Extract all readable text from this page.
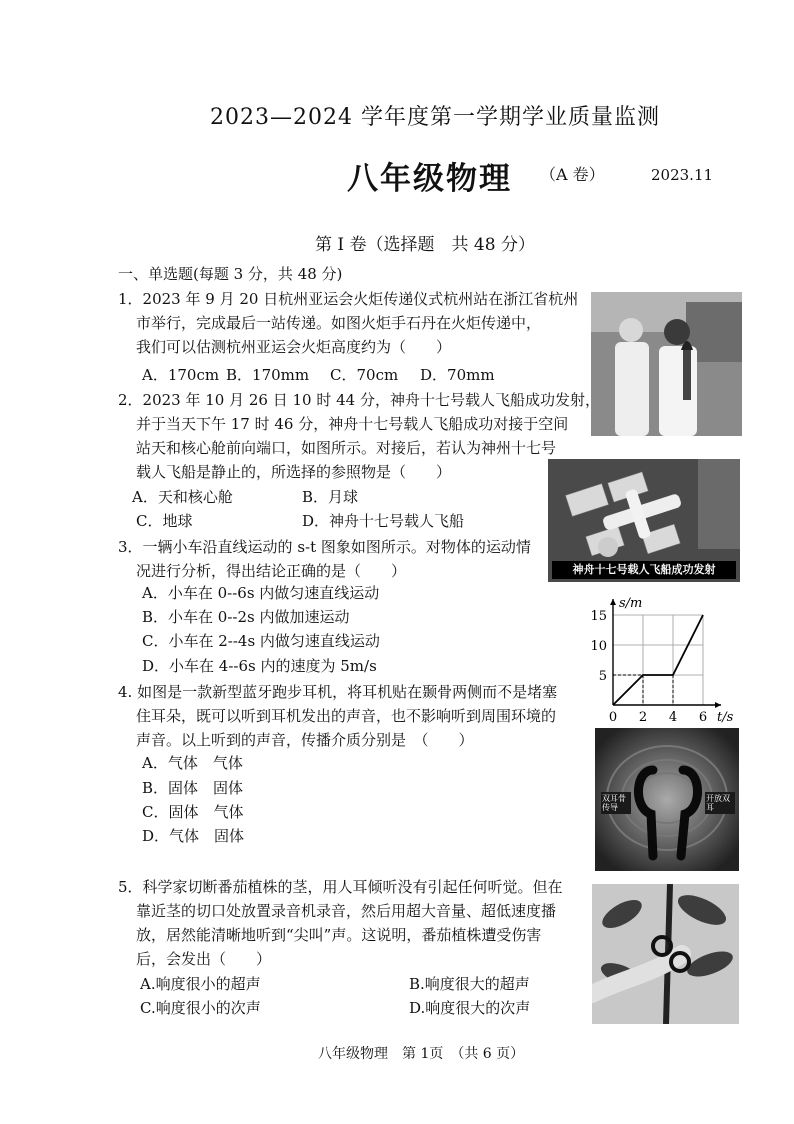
2023—2024 学年度第一学期学业质量监测
八年级物理 （A 卷）	2023.11
第 I 卷（选择题　共 48 分）
一、单选题(每题 3 分，共 48 分)
1．2023 年 9 月 20 日杭州亚运会火炬传递仪式杭州站在浙江省杭州
市举行，完成最后一站传递。如图火炬手石丹在火炬传递中，
我们可以估测杭州亚运会火炬高度约为（　　）
A．170cm B．170mm C．70cm D．70mm
2．2023 年 10 月 26 日 10 时 44 分，神舟十七号载人飞船成功发射，
并于当天下午 17 时 46 分，神舟十七号载人飞船成功对接于空间
站天和核心舱前向端口，如图所示。对接后，若认为神州十七号
载人飞船是静止的，所选择的参照物是（　　）
A．天和核心舱	B．月球
C．地球	D．神舟十七号载人飞船
神舟十七号载人飞船成功发射
3．一辆小车沿直线运动的 s-t 图象如图所示。对物体的运动情
况进行分析，得出结论正确的是（　　）
A．小车在 0--6s 内做匀速直线运动
B．小车在 0--2s 内做加速运动
C．小车在 2--4s 内做匀速直线运动
D．小车在 4--6s 内的速度为 5m/s
0 2 4 6
5
10
15
s/m
t/s
4. 如图是一款新型蓝牙跑步耳机，将耳机贴在颞骨两侧而不是堵塞
住耳朵，既可以听到耳机发出的声音，也不影响听到周围环境的
声音。以上听到的声音，传播介质分别是　（　　）
A．气体　气体
B．固体　固体
C．固体　气体
D．气体　固体
双耳骨传导
开放双耳
5．科学家切断番茄植株的茎，用人耳倾听没有引起任何听觉。但在
靠近茎的切口处放置录音机录音，然后用超大音量、超低速度播
放，居然能清晰地听到“尖叫”声。这说明，番茄植株遭受伤害
后，会发出（　　）
A.响度很小的超声	B.响度很大的超声
C.响度很小的次声	D.响度很大的次声
八年级物理　第 1页　（共 6 页）
